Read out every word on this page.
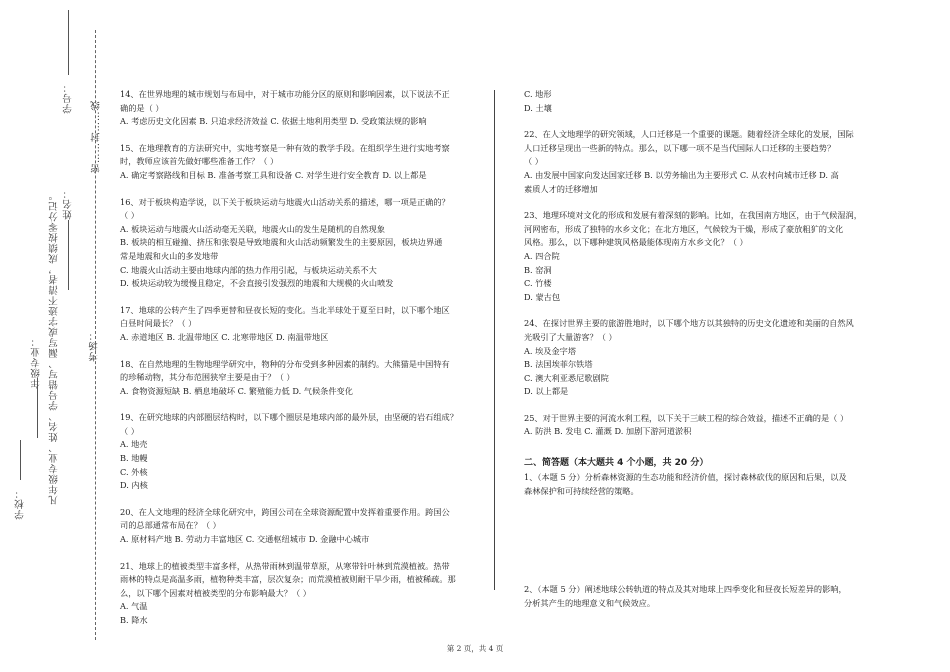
学校：
年级专业： 凡年级专业、姓名、学号错写、漏写或字迹不清者，成绩按零分记。 姓名：
学号：
密……封……线
考场：

14、在世界地理的城市规划与布局中，对于城市功能分区的原则和影响因素，以下说法不正

确的是（ ）

A. 考虑历史文化因素 B. 只追求经济效益 C. 依据土地利用类型 D. 受政策法规的影响

15、在地理教育的方法研究中，实地考察是一种有效的教学手段。在组织学生进行实地考察

时，教师应该首先做好哪些准备工作？（ ）

A. 确定考察路线和目标 B. 准备考察工具和设备 C. 对学生进行安全教育 D. 以上都是

16、对于板块构造学说，以下关于板块运动与地震火山活动关系的描述，哪一项是正确的？

（ ）

A. 板块运动与地震火山活动毫无关联，地震火山的发生是随机的自然现象

B. 板块的相互碰撞、挤压和张裂是导致地震和火山活动频繁发生的主要原因，板块边界通

常是地震和火山的多发地带

C. 地震火山活动主要由地球内部的热力作用引起，与板块运动关系不大

D. 板块运动较为缓慢且稳定，不会直接引发强烈的地震和大规模的火山喷发

17、地球的公转产生了四季更替和昼夜长短的变化。当北半球处于夏至日时，以下哪个地区

白昼时间最长？（ ）

A. 赤道地区 B. 北温带地区 C. 北寒带地区 D. 南温带地区

18、在自然地理的生物地理学研究中，物种的分布受到多种因素的制约。大熊猫是中国特有

的珍稀动物，其分布范围狭窄主要是由于？（ ）

A. 食物资源短缺 B. 栖息地破坏 C. 繁殖能力低 D. 气候条件变化

19、在研究地球的内部圈层结构时，以下哪个圈层是地球内部的最外层，由坚硬的岩石组成？

（ ）

A. 地壳

B. 地幔

C. 外核

D. 内核

20、在人文地理的经济全球化研究中，跨国公司在全球资源配置中发挥着重要作用。跨国公

司的总部通常布局在？（ ）

A. 原材料产地 B. 劳动力丰富地区 C. 交通枢纽城市 D. 金融中心城市

21、地球上的植被类型丰富多样，从热带雨林到温带草原，从寒带针叶林到荒漠植被。热带

雨林的特点是高温多雨，植物种类丰富，层次复杂；而荒漠植被则耐干旱少雨，植被稀疏。那

么，以下哪个因素对植被类型的分布影响最大？（ ）

A. 气温

B. 降水

C. 地形

D. 土壤

22、在人文地理学的研究领域，人口迁移是一个重要的课题。随着经济全球化的发展，国际

人口迁移呈现出一些新的特点。那么，以下哪一项不是当代国际人口迁移的主要趋势？

（ ）

A. 由发展中国家向发达国家迁移 B. 以劳务输出为主要形式 C. 从农村向城市迁移 D. 高

素质人才的迁移增加

23、地理环境对文化的形成和发展有着深刻的影响。比如，在我国南方地区，由于气候湿润，

河网密布，形成了独特的水乡文化；在北方地区，气候较为干燥，形成了豪放粗犷的文化

风格。那么，以下哪种建筑风格最能体现南方水乡文化？（ ）

A. 四合院

B. 窑洞

C. 竹楼

D. 蒙古包

24、在探讨世界主要的旅游胜地时，以下哪个地方以其独特的历史文化遗迹和美丽的自然风

光吸引了大量游客？（ ）

A. 埃及金字塔

B. 法国埃菲尔铁塔

C. 澳大利亚悉尼歌剧院

D. 以上都是

25、对于世界主要的河流水利工程，以下关于三峡工程的综合效益，描述不正确的是（ ）

A. 防洪 B. 发电 C. 灌溉 D. 加剧下游河道淤积

二、简答题（本大题共 4 个小题，共 20 分）

1、（本题 5 分）分析森林资源的生态功能和经济价值，探讨森林砍伐的原因和后果，以及

森林保护和可持续经营的策略。

2、（本题 5 分）阐述地球公转轨道的特点及其对地球上四季变化和昼夜长短差异的影响，

分析其产生的地理意义和气候效应。

第 2 页，共 4 页
